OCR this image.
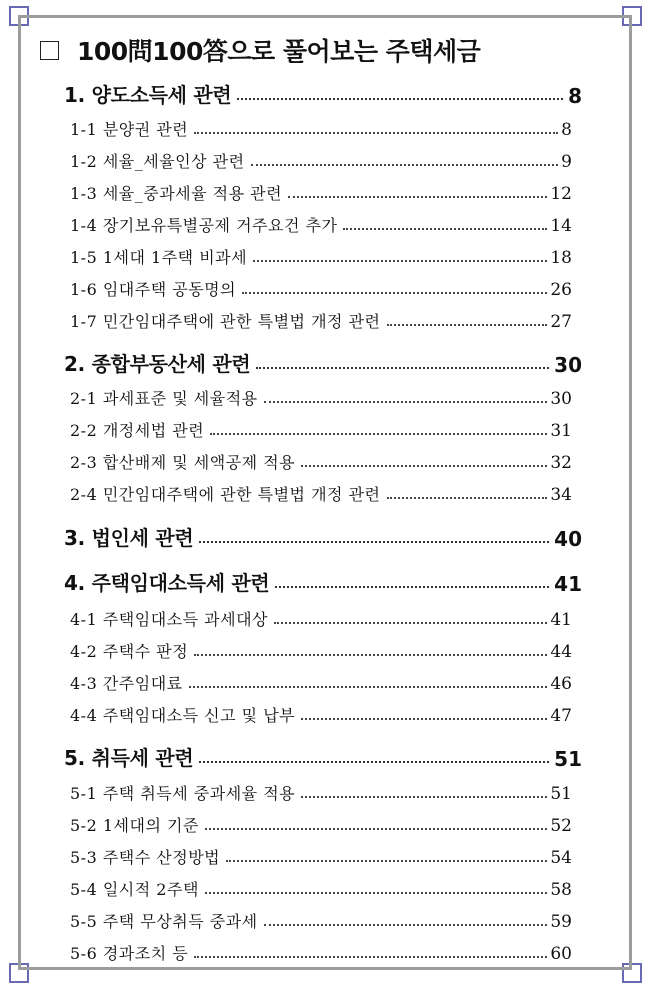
100問100答으로 풀어보는 주택세금
1. 양도소득세 관련	8
1-1 분양권 관련	8
1-2 세율_세율인상 관련	9
1-3 세율_중과세율 적용 관련	12
1-4 장기보유특별공제 거주요건 추가	14
1-5 1세대 1주택 비과세	18
1-6 임대주택 공동명의	26
1-7 민간임대주택에 관한 특별법 개정 관련	27
2. 종합부동산세 관련	30
2-1 과세표준 및 세율적용	30
2-2 개정세법 관련	31
2-3 합산배제 및 세액공제 적용	32
2-4 민간임대주택에 관한 특별법 개정 관련	34
3. 법인세 관련	40
4. 주택임대소득세 관련	41
4-1 주택임대소득 과세대상	41
4-2 주택수 판정	44
4-3 간주임대료	46
4-4 주택임대소득 신고 및 납부	47
5. 취득세 관련	51
5-1 주택 취득세 중과세율 적용	51
5-2 1세대의 기준	52
5-3 주택수 산정방법	54
5-4 일시적 2주택	58
5-5 주택 무상취득 중과세	59
5-6 경과조치 등	60
